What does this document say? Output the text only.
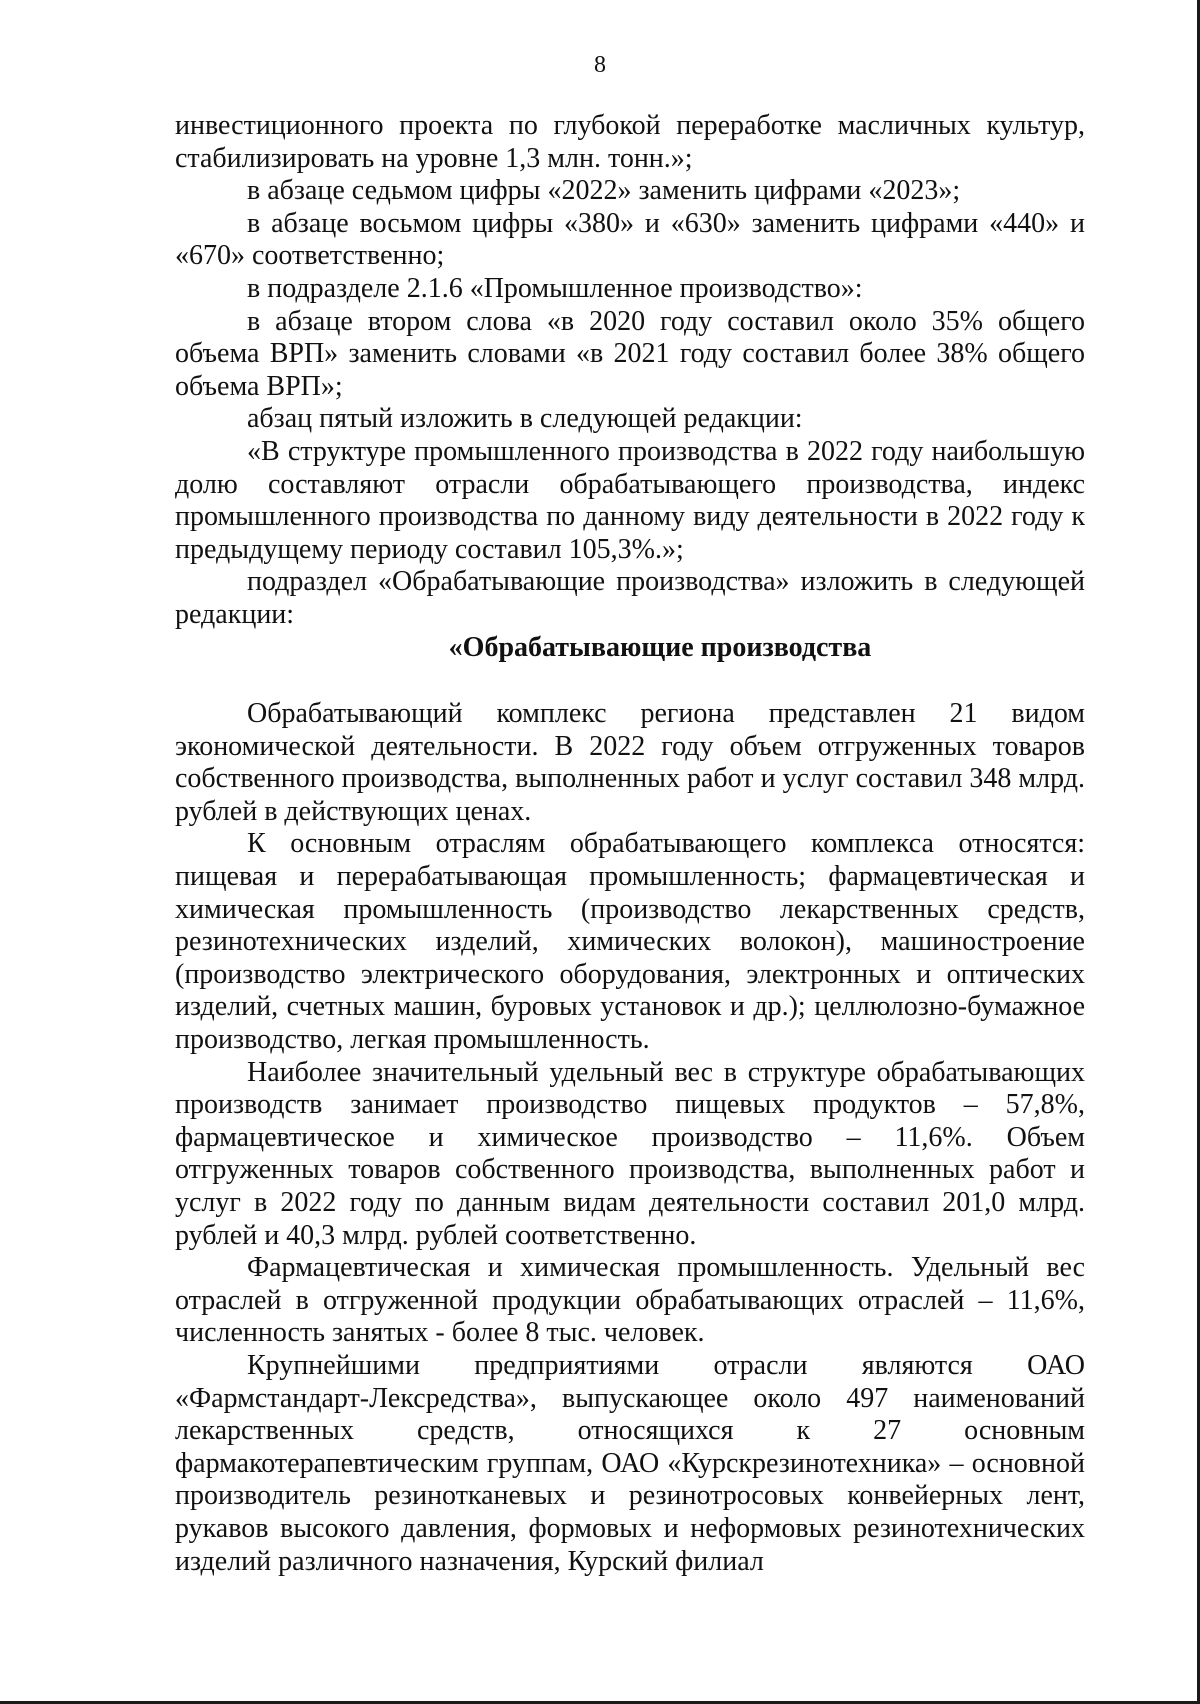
8

инвестиционного проекта по глубокой переработке масличных культур, стабилизировать на уровне 1,3 млн. тонн.»;

в абзаце седьмом цифры «2022» заменить цифрами «2023»;

в абзаце восьмом цифры «380» и «630» заменить цифрами «440» и «670» соответственно;

в подразделе 2.1.6 «Промышленное производство»:

в абзаце втором слова «в 2020 году составил около 35% общего объема ВРП» заменить словами «в 2021 году составил более 38% общего объема ВРП»;

абзац пятый изложить в следующей редакции:

«В структуре промышленного производства в 2022 году наибольшую долю составляют отрасли обрабатывающего производства, индекс промышленного производства по данному виду деятельности в 2022 году к предыдущему периоду составил 105,3%.»;

подраздел «Обрабатывающие производства» изложить в следующей редакции:

«Обрабатывающие производства

Обрабатывающий комплекс региона представлен 21 видом экономической деятельности. В 2022 году объем отгруженных товаров собственного производства, выполненных работ и услуг составил 348 млрд. рублей в действующих ценах.

К основным отраслям обрабатывающего комплекса относятся: пищевая и перерабатывающая промышленность; фармацевтическая и химическая промышленность (производство лекарственных средств, резинотехнических изделий, химических волокон), машиностроение (производство электрического оборудования, электронных и оптических изделий, счетных машин, буровых установок и др.); целлюлозно-бумажное производство, легкая промышленность.

Наиболее значительный удельный вес в структуре обрабатывающих производств занимает производство пищевых продуктов – 57,8%, фармацевтическое и химическое производство – 11,6%. Объем отгруженных товаров собственного производства, выполненных работ и услуг в 2022 году по данным видам деятельности составил 201,0 млрд. рублей и 40,3 млрд. рублей соответственно.

Фармацевтическая и химическая промышленность. Удельный вес отраслей в отгруженной продукции обрабатывающих отраслей – 11,6%, численность занятых - более 8 тыс. человек.

Крупнейшими предприятиями отрасли являются ОАО «Фармстандарт-Лексредства», выпускающее около 497 наименований лекарственных средств, относящихся к 27 основным фармакотерапевтическим группам, ОАО «Курскрезинотехника» – основной производитель резинотканевых и резинотросовых конвейерных лент, рукавов высокого давления, формовых и неформовых резинотехнических изделий различного назначения, Курский филиал
